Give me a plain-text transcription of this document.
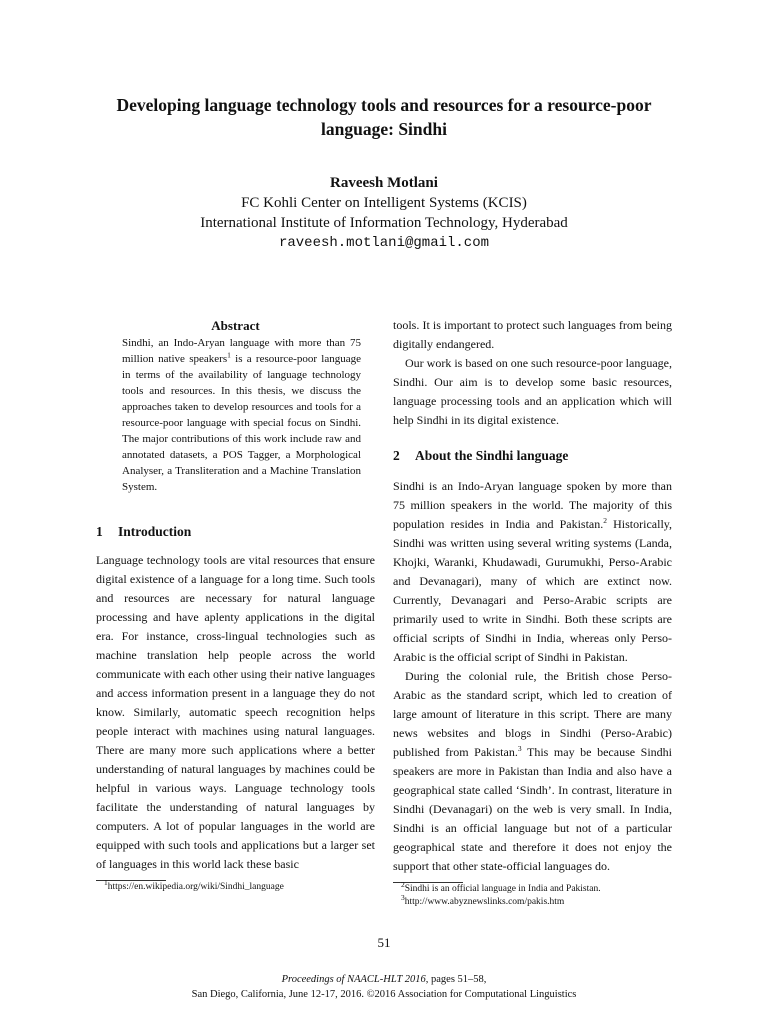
Developing language technology tools and resources for a resource-poor
language: Sindhi
Raveesh Motlani
FC Kohli Center on Intelligent Systems (KCIS)
International Institute of Information Technology, Hyderabad
raveesh.motlani@gmail.com

Abstract

Sindhi, an Indo-Aryan language with more than 75 million native speakers$^1$ is a resource-poor language in terms of the availability of language technology tools and resources. In this thesis, we discuss the approaches taken to develop resources and tools for a resource-poor language with special focus on Sindhi. The major contributions of this work include raw and annotated datasets, a POS Tagger, a Morphological Analyser, a Transliteration and a Machine Translation System.

1 Introduction

Language technology tools are vital resources that ensure digital existence of a language for a long time. Such tools and resources are necessary for natural language processing and have aplenty applications in the digital era. For instance, cross-lingual technologies such as machine translation help people across the world communicate with each other using their native languages and access information present in a language they do not know. Similarly, automatic speech recognition helps people interact with machines using natural languages. There are many more such applications where a better understanding of natural languages by machines could be helpful in various ways. Language technology tools facilitate the understanding of natural languages by computers. A lot of popular languages in the world are equipped with such tools and applications but a larger set of languages in this world lack these basic

$^1$https://en.wikipedia.org/wiki/Sindhi_language

tools. It is important to protect such languages from being digitally endangered.

Our work is based on one such resource-poor language, Sindhi. Our aim is to develop some basic resources, language processing tools and an application which will help Sindhi in its digital existence.

2 About the Sindhi language

Sindhi is an Indo-Aryan language spoken by more than 75 million speakers in the world. The majority of this population resides in India and Pakistan.$^2$ Historically, Sindhi was written using several writing systems (Landa, Khojki, Waranki, Khudawadi, Gurumukhi, Perso-Arabic and Devanagari), many of which are extinct now. Currently, Devanagari and Perso-Arabic scripts are primarily used to write in Sindhi. Both these scripts are official scripts of Sindhi in India, whereas only Perso-Arabic is the official script of Sindhi in Pakistan.

During the colonial rule, the British chose Perso-Arabic as the standard script, which led to creation of large amount of literature in this script. There are many news websites and blogs in Sindhi (Perso-Arabic) published from Pakistan.$^3$ This may be because Sindhi speakers are more in Pakistan than India and also have a geographical state called ‘Sindh’. In contrast, literature in Sindhi (Devanagari) on the web is very small. In India, Sindhi is an official language but not of a particular geographical state and therefore it does not enjoy the support that other state-official languages do.

$^2$Sindhi is an official language in India and Pakistan.

$^3$http://www.abyznewslinks.com/pakis.htm

51

Proceedings of NAACL-HLT 2016, pages 51–58,
San Diego, California, June 12-17, 2016. ©2016 Association for Computational Linguistics
